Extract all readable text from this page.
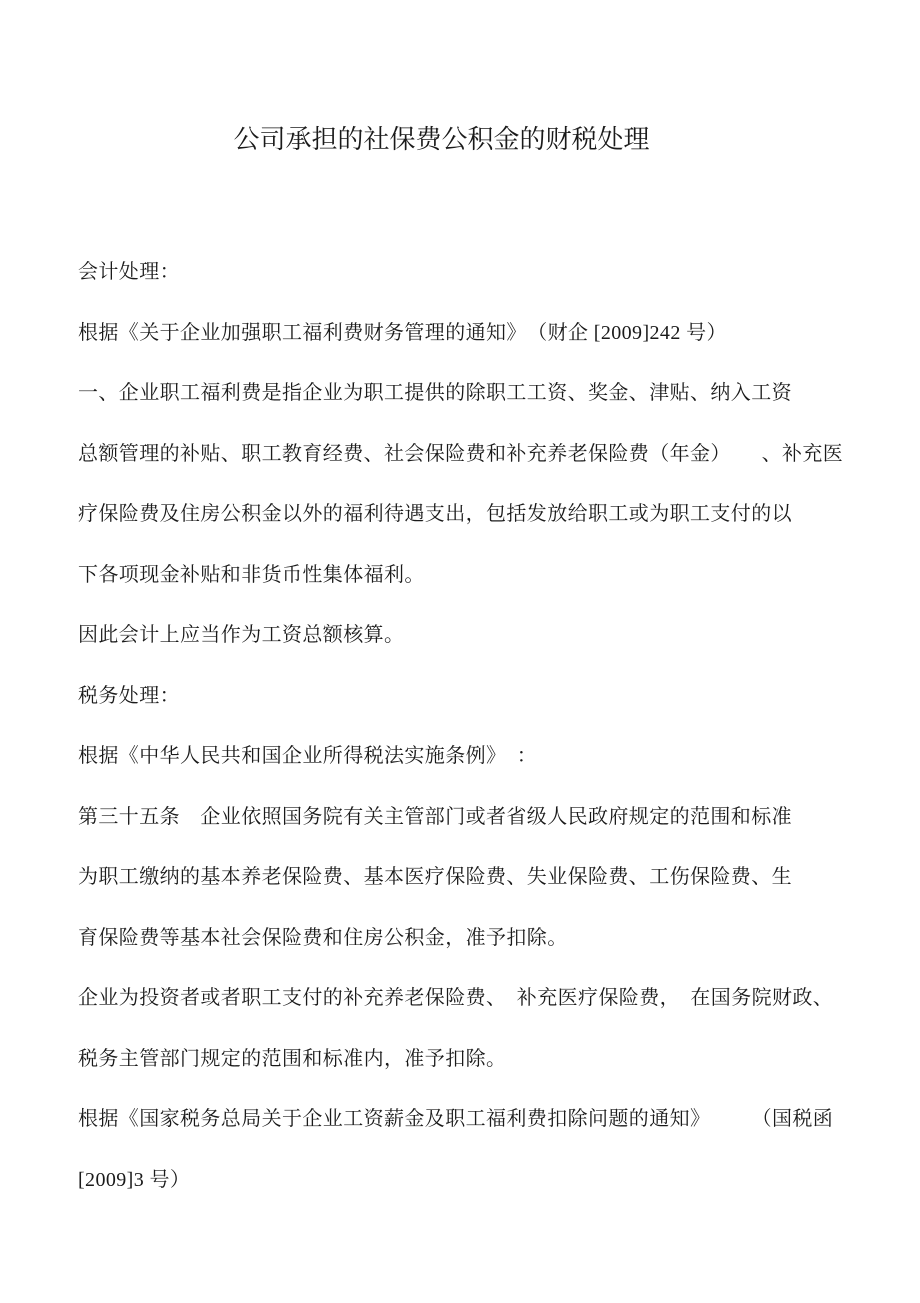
公司承担的社保费公积金的财税处理

会计处理：

根据《关于企业加强职工福利费财务管理的通知》　（财企 [2009]242 号）

一、企业职工福利费是指企业为职工提供的除职工工资、奖金、津贴、纳入工资

总额管理的补贴、职工教育经费、社会保险费和补充养老保险费（年金）　　、补充医

疗保险费及住房公积金以外的福利待遇支出，包括发放给职工或为职工支付的以

下各项现金补贴和非货币性集体福利。

因此会计上应当作为工资总额核算。

税务处理：

根据《中华人民共和国企业所得税法实施条例》　：

第三十五条　企业依照国务院有关主管部门或者省级人民政府规定的范围和标准

为职工缴纳的基本养老保险费、基本医疗保险费、失业保险费、工伤保险费、生

育保险费等基本社会保险费和住房公积金，准予扣除。

企业为投资者或者职工支付的补充养老保险费、　补充医疗保险费，　在国务院财政、

税务主管部门规定的范围和标准内，准予扣除。

根据《国家税务总局关于企业工资薪金及职工福利费扣除问题的通知》　　　（国税函

[2009]3 号）
